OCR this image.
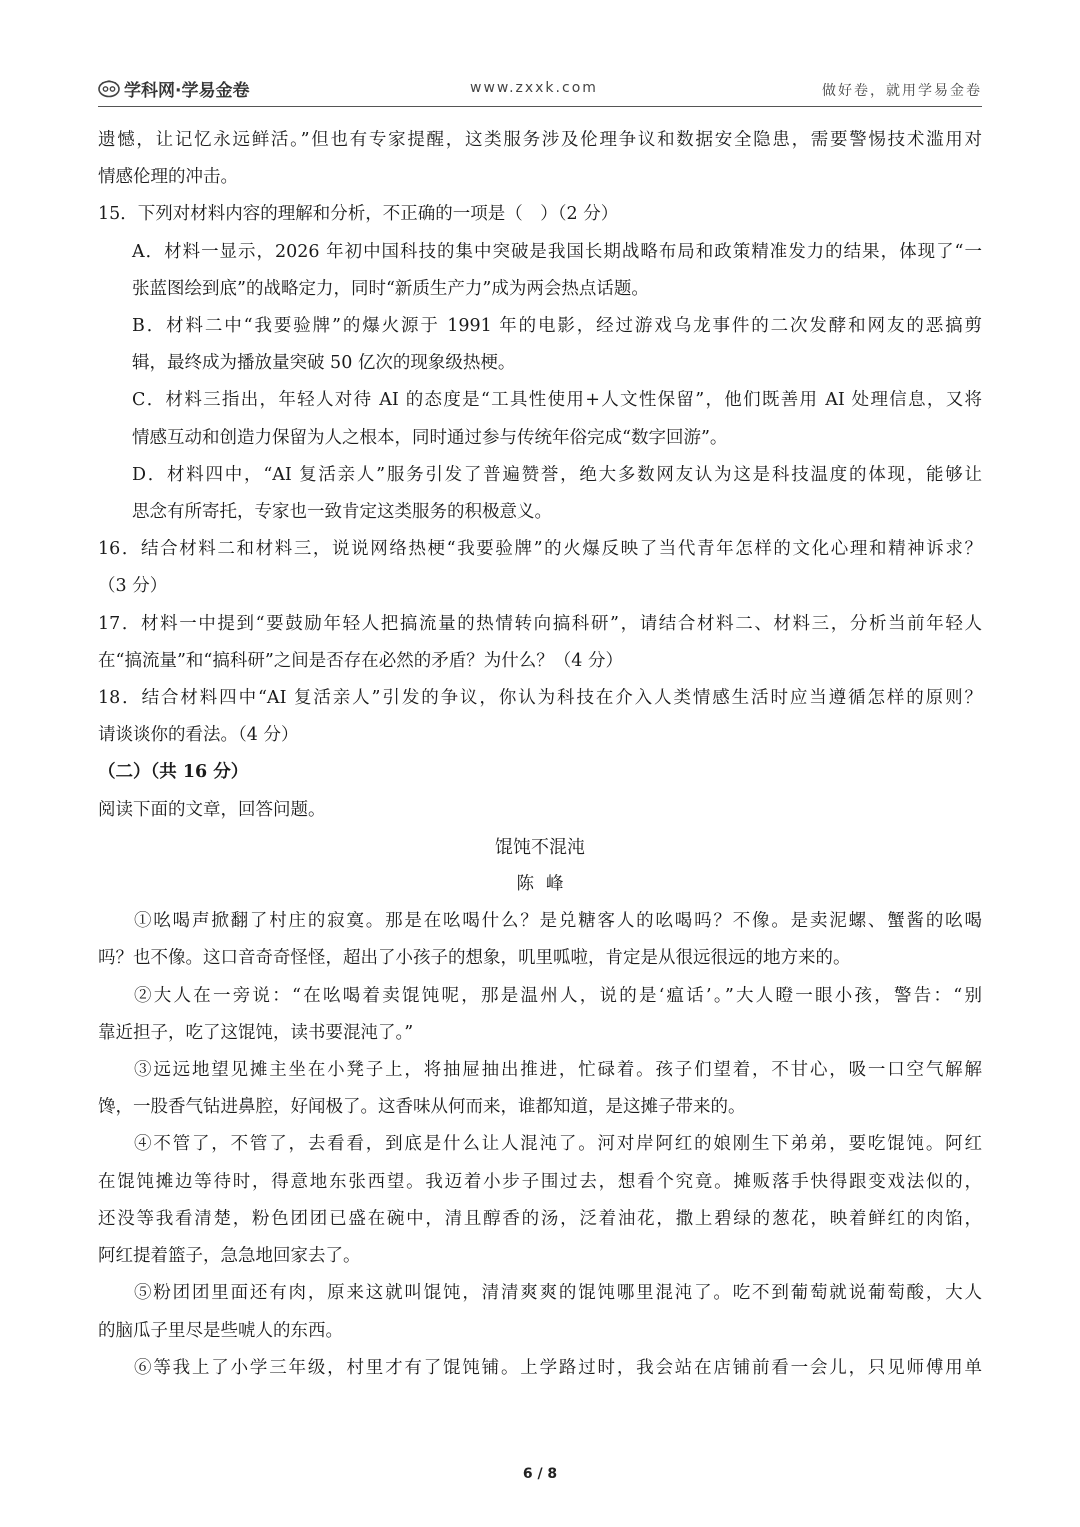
学科网·学易金卷	www.zxxk.com	做好卷，就用学易金卷
遗憾，让记忆永远鲜活。”但也有专家提醒，这类服务涉及伦理争议和数据安全隐患，需要警惕技术滥用对
情感伦理的冲击。
15．下列对材料内容的理解和分析，不正确的一项是（　）（2 分）
A．材料一显示，2026 年初中国科技的集中突破是我国长期战略布局和政策精准发力的结果，体现了“一
张蓝图绘到底”的战略定力，同时“新质生产力”成为两会热点话题。
B．材料二中“我要验牌”的爆火源于 1991 年的电影，经过游戏乌龙事件的二次发酵和网友的恶搞剪
辑，最终成为播放量突破 50 亿次的现象级热梗。
C．材料三指出，年轻人对待 AI 的态度是“工具性使用+人文性保留”，他们既善用 AI 处理信息，又将
情感互动和创造力保留为人之根本，同时通过参与传统年俗完成“数字回游”。
D．材料四中，“AI 复活亲人”服务引发了普遍赞誉，绝大多数网友认为这是科技温度的体现，能够让
思念有所寄托，专家也一致肯定这类服务的积极意义。
16．结合材料二和材料三，说说网络热梗“我要验牌”的火爆反映了当代青年怎样的文化心理和精神诉求？
（3 分）
17．材料一中提到“要鼓励年轻人把搞流量的热情转向搞科研”，请结合材料二、材料三，分析当前年轻人
在“搞流量”和“搞科研”之间是否存在必然的矛盾？为什么？（4 分）
18．结合材料四中“AI 复活亲人”引发的争议，你认为科技在介入人类情感生活时应当遵循怎样的原则？
请谈谈你的看法。（4 分）
（二）（共 16 分）
阅读下面的文章，回答问题。
馄饨不混沌
陈峰
①吆喝声掀翻了村庄的寂寞。那是在吆喝什么？是兑糖客人的吆喝吗？不像。是卖泥螺、蟹酱的吆喝
吗？也不像。这口音奇奇怪怪，超出了小孩子的想象，叽里呱啦，肯定是从很远很远的地方来的。
②大人在一旁说：“在吆喝着卖馄饨呢，那是温州人，说的是‘瘟话’。”大人瞪一眼小孩，警告：“别
靠近担子，吃了这馄饨，读书要混沌了。”
③远远地望见摊主坐在小凳子上，将抽屉抽出推进，忙碌着。孩子们望着，不甘心，吸一口空气解解
馋，一股香气钻进鼻腔，好闻极了。这香味从何而来，谁都知道，是这摊子带来的。
④不管了，不管了，去看看，到底是什么让人混沌了。河对岸阿红的娘刚生下弟弟，要吃馄饨。阿红
在馄饨摊边等待时，得意地东张西望。我迈着小步子围过去，想看个究竟。摊贩落手快得跟变戏法似的，
还没等我看清楚，粉色团团已盛在碗中，清且醇香的汤，泛着油花，撒上碧绿的葱花，映着鲜红的肉馅，
阿红提着篮子，急急地回家去了。
⑤粉团团里面还有肉，原来这就叫馄饨，清清爽爽的馄饨哪里混沌了。吃不到葡萄就说葡萄酸，大人
的脑瓜子里尽是些唬人的东西。
⑥等我上了小学三年级，村里才有了馄饨铺。上学路过时，我会站在店铺前看一会儿，只见师傅用单
6 / 8
